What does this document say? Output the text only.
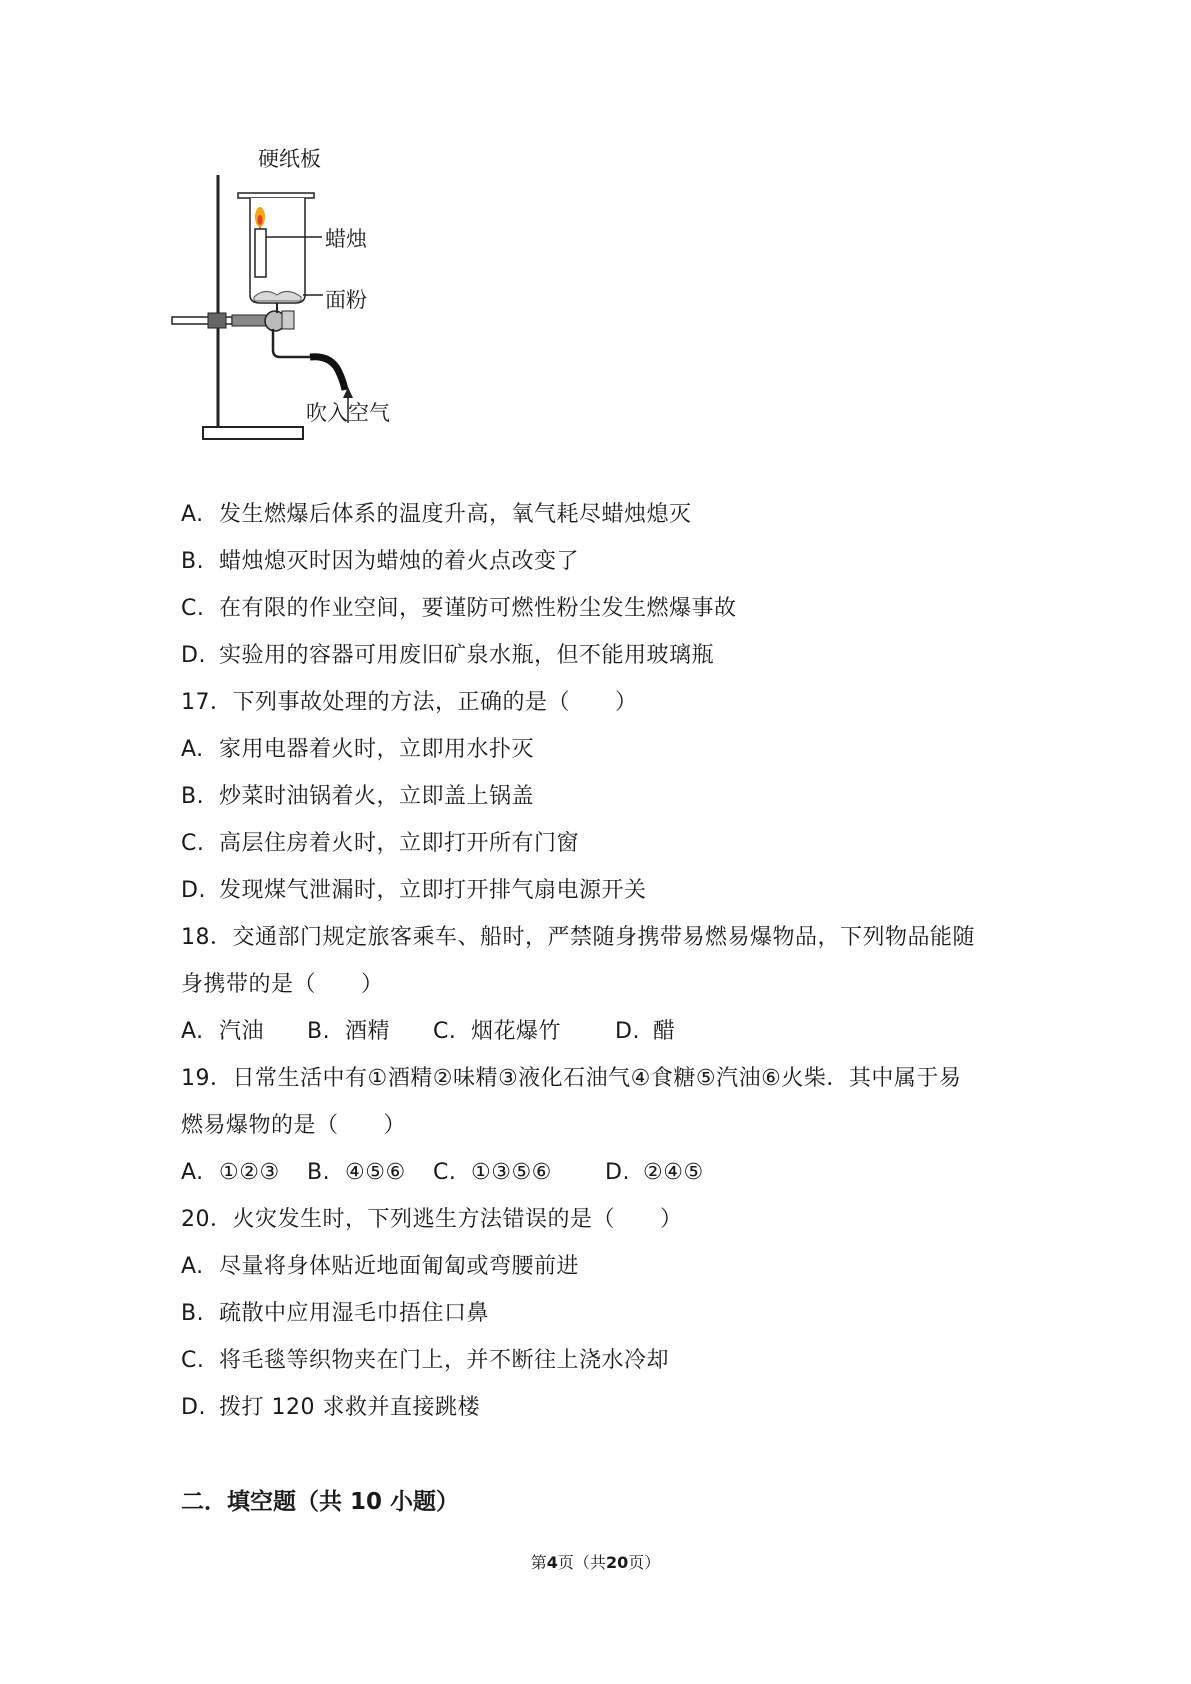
硬纸板
蜡烛
面粉
吹入空气
A. 发生燃爆后体系的温度升高，氧气耗尽蜡烛熄灭
B. 蜡烛熄灭时因为蜡烛的着火点改变了
C. 在有限的作业空间，要谨防可燃性粉尘发生燃爆事故
D. 实验用的容器可用废旧矿泉水瓶，但不能用玻璃瓶
17．下列事故处理的方法，正确的是（　　）
A. 家用电器着火时，立即用水扑灭
B. 炒菜时油锅着火，立即盖上锅盖
C. 高层住房着火时，立即打开所有门窗
D. 发现煤气泄漏时，立即打开排气扇电源开关
18．交通部门规定旅客乘车、船时，严禁随身携带易燃易爆物品，下列物品能随
身携带的是（　　）
A. 汽油 B. 酒精 C. 烟花爆竹 D. 醋
19．日常生活中有①酒精②味精③液化石油气④食糖⑤汽油⑥火柴．其中属于易
燃易爆物的是（　　）
A. ①②③ B. ④⑤⑥ C. ①③⑤⑥ D. ②④⑤
20．火灾发生时，下列逃生方法错误的是（　　）
A. 尽量将身体贴近地面匍匐或弯腰前进
B. 疏散中应用湿毛巾捂住口鼻
C. 将毛毯等织物夹在门上，并不断往上浇水冷却
D. 拨打 120 求救并直接跳楼
二．填空题（共 10 小题）
第4页（共20页）
